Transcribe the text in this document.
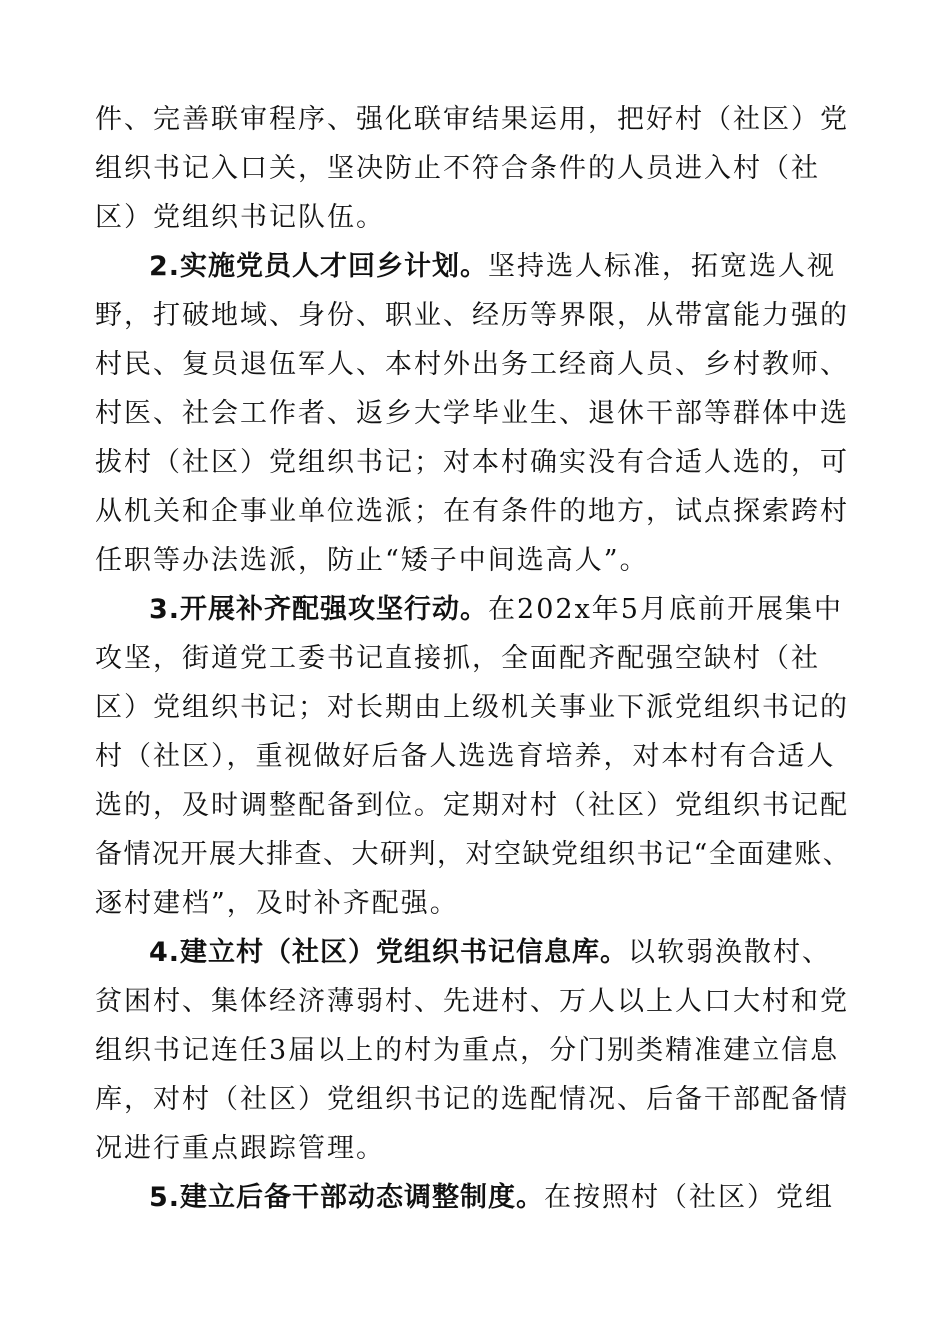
件、完善联审程序、强化联审结果运用，把好村（社区）党
组织书记入口关，坚决防止不符合条件的人员进入村（社
区）党组织书记队伍。
2.实施党员人才回乡计划。坚持选人标准，拓宽选人视
野，打破地域、身份、职业、经历等界限，从带富能力强的
村民、复员退伍军人、本村外出务工经商人员、乡村教师、
村医、社会工作者、返乡大学毕业生、退休干部等群体中选
拔村（社区）党组织书记；对本村确实没有合适人选的，可
从机关和企事业单位选派；在有条件的地方，试点探索跨村
任职等办法选派，防止“矮子中间选高人”。
3.开展补齐配强攻坚行动。在202x年5月底前开展集中
攻坚，街道党工委书记直接抓，全面配齐配强空缺村（社
区）党组织书记；对长期由上级机关事业下派党组织书记的
村（社区），重视做好后备人选选育培养，对本村有合适人
选的，及时调整配备到位。定期对村（社区）党组织书记配
备情况开展大排查、大研判，对空缺党组织书记“全面建账、
逐村建档”，及时补齐配强。
4.建立村（社区）党组织书记信息库。以软弱涣散村、
贫困村、集体经济薄弱村、先进村、万人以上人口大村和党
组织书记连任3届以上的村为重点，分门别类精准建立信息
库，对村（社区）党组织书记的选配情况、后备干部配备情
况进行重点跟踪管理。
5.建立后备干部动态调整制度。在按照村（社区）党组
